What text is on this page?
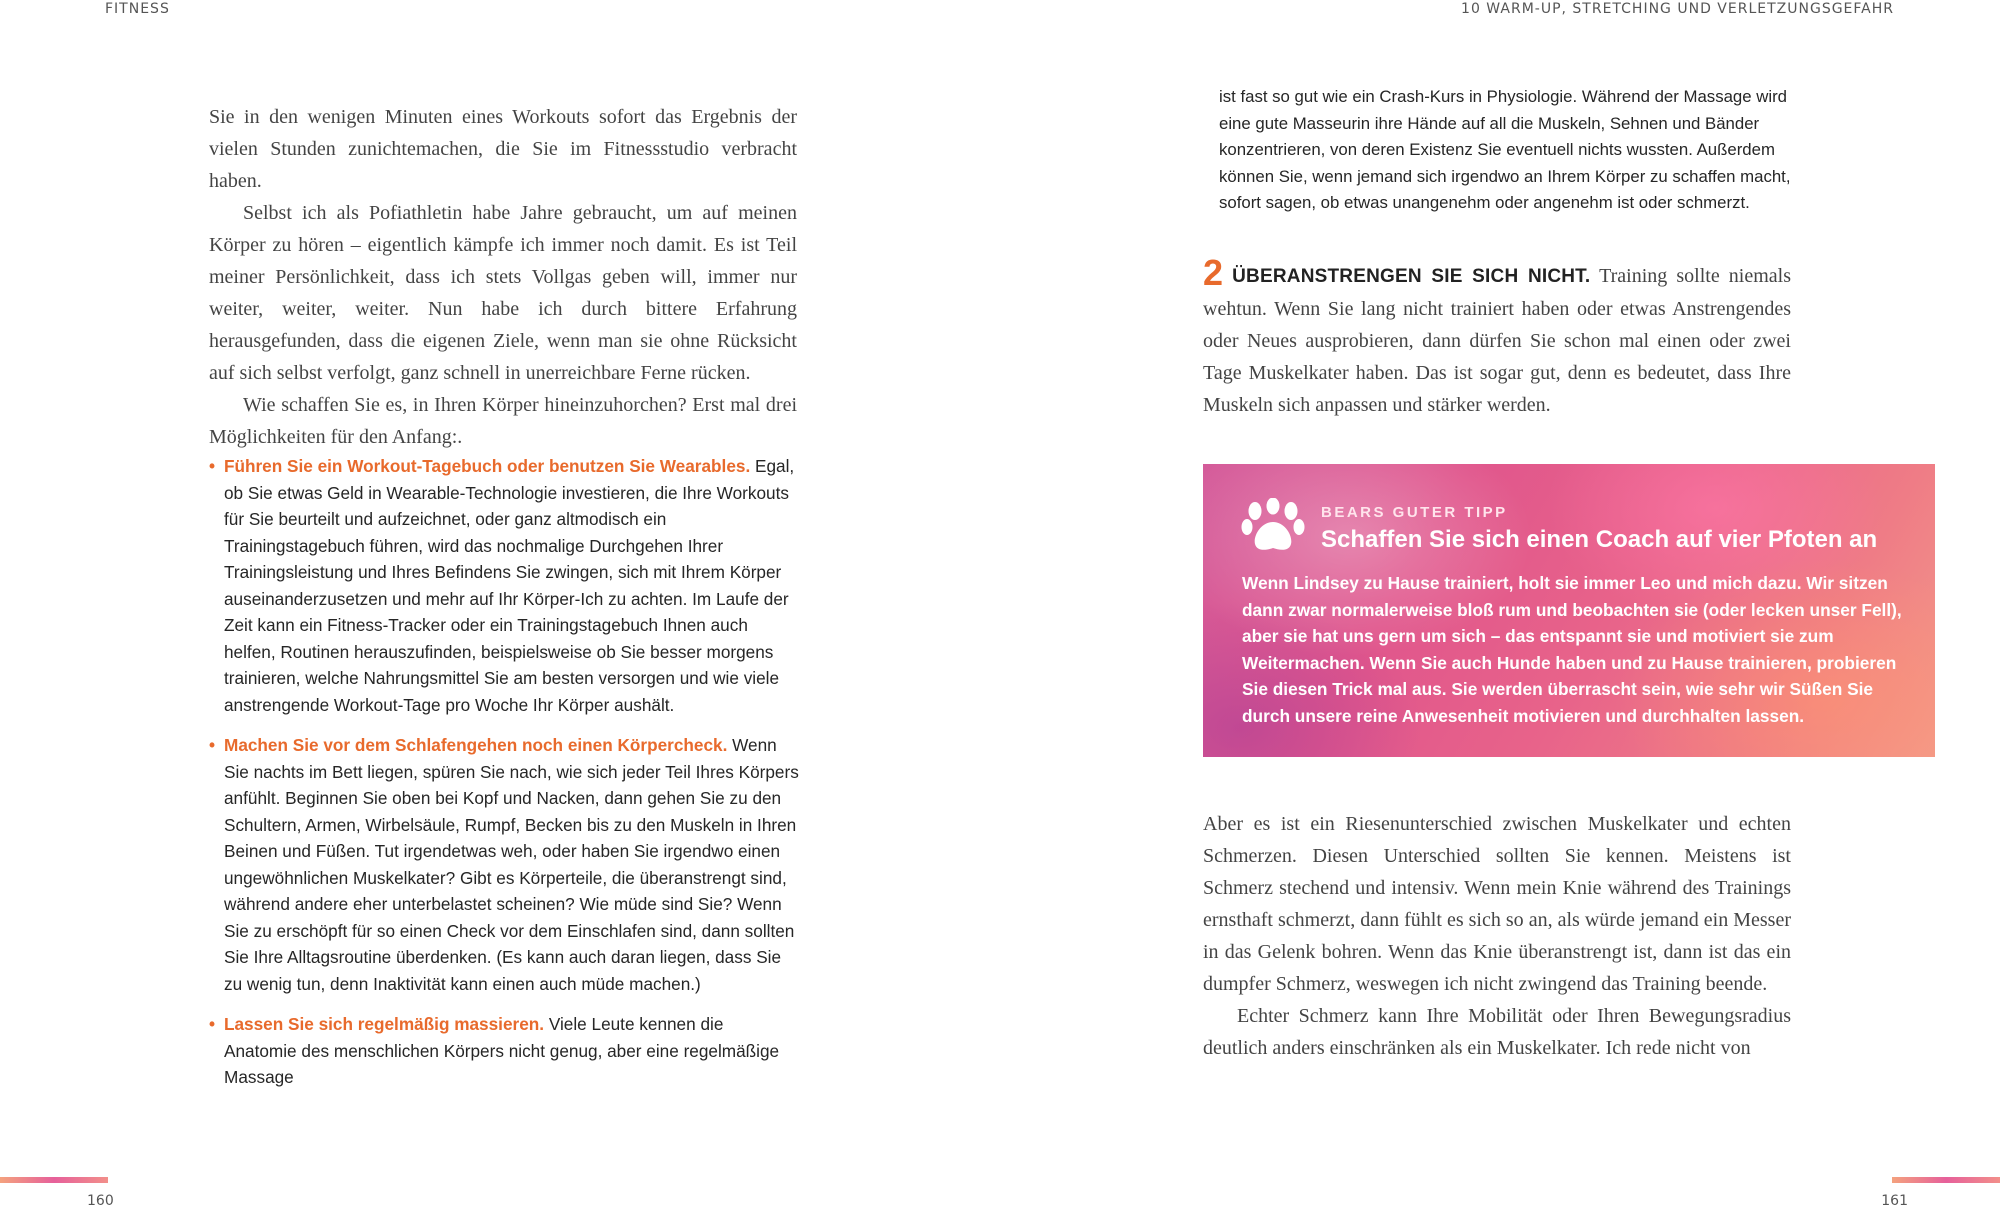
FITNESS	10 WARM-UP, STRETCHING UND VERLETZUNGSGEFAHR

Sie in den wenigen Minuten eines Workouts sofort das Ergebnis der vielen Stunden zunichtemachen, die Sie im Fitnessstudio verbracht haben.

Selbst ich als Pofiathletin habe Jahre gebraucht, um auf meinen Körper zu hören – eigentlich kämpfe ich immer noch damit. Es ist Teil meiner Persönlichkeit, dass ich stets Vollgas geben will, immer nur weiter, weiter, weiter. Nun habe ich durch bittere Erfahrung herausgefunden, dass die eigenen Ziele, wenn man sie ohne Rücksicht auf sich selbst verfolgt, ganz schnell in unerreichbare Ferne rücken.

Wie schaffen Sie es, in Ihren Körper hineinzuhorchen? Erst mal drei Möglichkeiten für den Anfang:.

• Führen Sie ein Workout-Tagebuch oder benutzen Sie Wearables. Egal, ob Sie etwas Geld in Wearable-Technologie investieren, die Ihre Workouts für Sie beurteilt und aufzeichnet, oder ganz altmodisch ein Trainingstagebuch führen, wird das nochmalige Durchgehen Ihrer Trainingsleistung und Ihres Befindens Sie zwingen, sich mit Ihrem Körper auseinanderzusetzen und mehr auf Ihr Körper-Ich zu achten. Im Laufe der Zeit kann ein Fitness-Tracker oder ein Trainingstagebuch Ihnen auch helfen, Routinen herauszufinden, beispielsweise ob Sie besser morgens trainieren, welche Nahrungsmittel Sie am besten versorgen und wie viele anstrengende Workout-Tage pro Woche Ihr Körper aushält.
• Machen Sie vor dem Schlafengehen noch einen Körpercheck. Wenn Sie nachts im Bett liegen, spüren Sie nach, wie sich jeder Teil Ihres Körpers anfühlt. Beginnen Sie oben bei Kopf und Nacken, dann gehen Sie zu den Schultern, Armen, Wirbelsäule, Rumpf, Becken bis zu den Muskeln in Ihren Beinen und Füßen. Tut irgendetwas weh, oder haben Sie irgendwo einen ungewöhnlichen Muskelkater? Gibt es Körperteile, die überanstrengt sind, während andere eher unterbelastet scheinen? Wie müde sind Sie? Wenn Sie zu erschöpft für so einen Check vor dem Einschlafen sind, dann sollten Sie Ihre Alltagsroutine überdenken. (Es kann auch daran liegen, dass Sie zu wenig tun, denn Inaktivität kann einen auch müde machen.)
• Lassen Sie sich regelmäßig massieren. Viele Leute kennen die Anatomie des menschlichen Körpers nicht genug, aber eine regelmäßige Massage
ist fast so gut wie ein Crash-Kurs in Physiologie. Während der Massage wird eine gute Masseurin ihre Hände auf all die Muskeln, Sehnen und Bänder konzentrieren, von deren Existenz Sie eventuell nichts wussten. Außerdem können Sie, wenn jemand sich irgendwo an Ihrem Körper zu schaffen macht, sofort sagen, ob etwas unangenehm oder angenehm ist oder schmerzt.

2 ÜBERANSTRENGEN SIE SICH NICHT. Training sollte niemals wehtun. Wenn Sie lang nicht trainiert haben oder etwas Anstrengendes oder Neues ausprobieren, dann dürfen Sie schon mal einen oder zwei Tage Muskelkater haben. Das ist sogar gut, denn es bedeutet, dass Ihre Muskeln sich anpassen und stärker werden.

BEARS GUTER TIPP
Schaffen Sie sich einen Coach auf vier Pfoten an
Wenn Lindsey zu Hause trainiert, holt sie immer Leo und mich dazu. Wir sitzen dann zwar normalerweise bloß rum und beobachten sie (oder lecken unser Fell), aber sie hat uns gern um sich – das entspannt sie und motiviert sie zum Weitermachen. Wenn Sie auch Hunde haben und zu Hause trainieren, probieren Sie diesen Trick mal aus. Sie werden überrascht sein, wie sehr wir Süßen Sie durch unsere reine Anwesenheit motivieren und durchhalten lassen.

Aber es ist ein Riesenunterschied zwischen Muskelkater und echten Schmerzen. Diesen Unterschied sollten Sie kennen. Meistens ist Schmerz stechend und intensiv. Wenn mein Knie während des Trainings ernsthaft schmerzt, dann fühlt es sich so an, als würde jemand ein Messer in das Gelenk bohren. Wenn das Knie überanstrengt ist, dann ist das ein dumpfer Schmerz, weswegen ich nicht zwingend das Training beende.

Echter Schmerz kann Ihre Mobilität oder Ihren Bewegungsradius deutlich anders einschränken als ein Muskelkater. Ich rede nicht von

160	161
